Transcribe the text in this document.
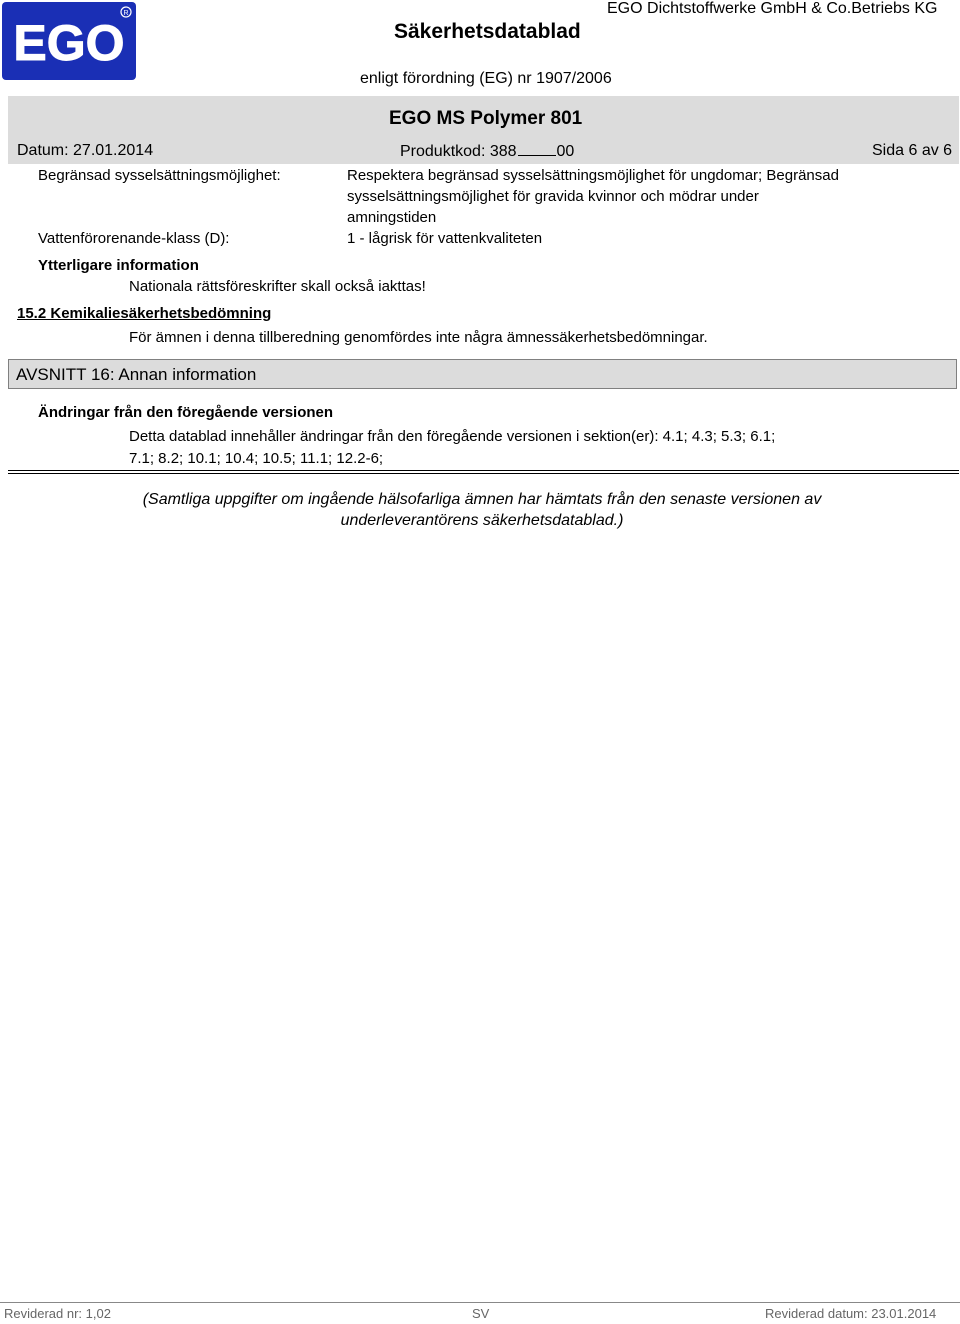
EGO
R
Säkerhetsdatablad
EGO Dichtstoffwerke GmbH & Co.Betriebs KG
enligt förordning (EG) nr 1907/2006
EGO MS Polymer 801
Datum: 27.01.2014	Produktkod: 388	00	Sida 6 av 6
Begränsad sysselsättningsmöjlighet:	Respektera begränsad sysselsättningsmöjlighet för ungdomar; Begränsad
sysselsättningsmöjlighet för gravida kvinnor och mödrar under
amningstiden
Vattenförorenande-klass (D):	1 - lågrisk för vattenkvaliteten
Ytterligare information
Nationala rättsföreskrifter skall också iakttas!
15.2 Kemikaliesäkerhetsbedömning
För ämnen i denna tillberedning genomfördes inte några ämnessäkerhetsbedömningar.
AVSNITT 16: Annan information
Ändringar från den föregående versionen
Detta datablad innehåller ändringar från den föregående versionen i sektion(er): 4.1; 4.3; 5.3; 6.1;
7.1; 8.2; 10.1; 10.4; 10.5; 11.1; 12.2-6;
(Samtliga uppgifter om ingående hälsofarliga ämnen har hämtats från den senaste versionen av underleverantörens säkerhetsdatablad.)
Reviderad nr: 1,02	SV	Reviderad datum: 23.01.2014
